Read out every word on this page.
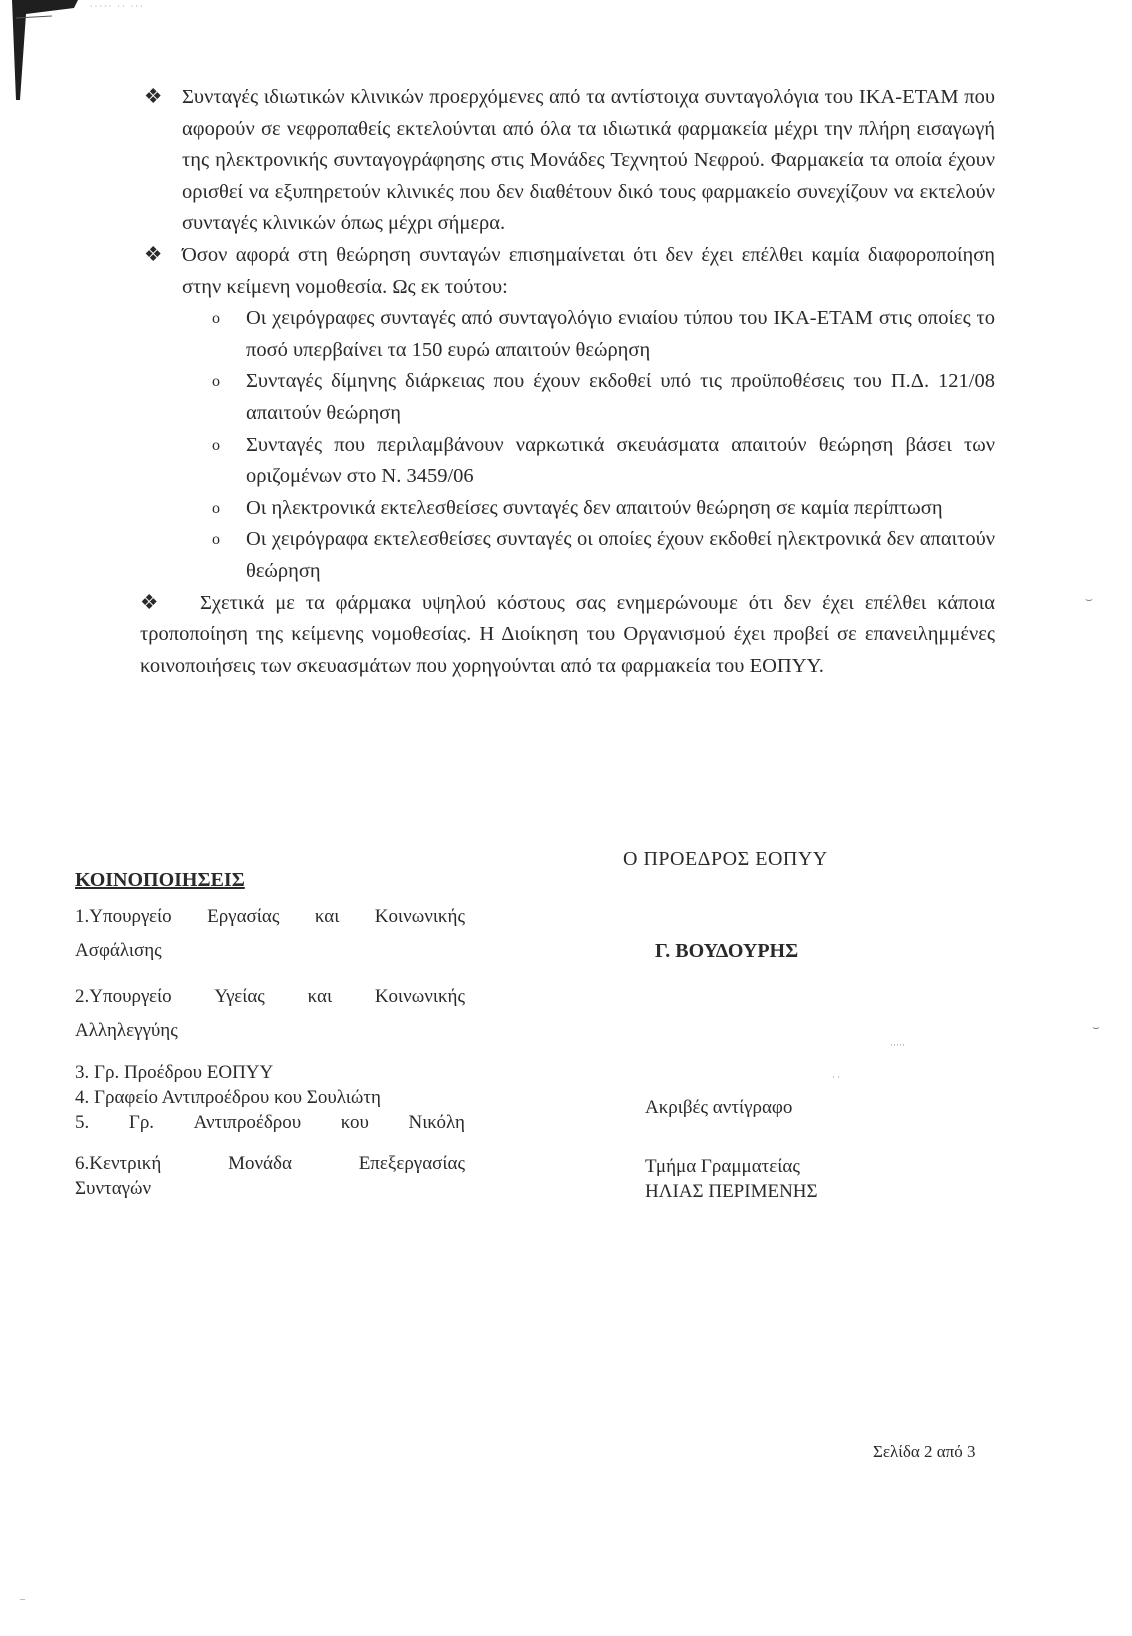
····· ·· ···

❖ Συνταγές ιδιωτικών κλινικών προερχόμενες από τα αντίστοιχα συνταγολόγια του ΙΚΑ-ΕΤΑΜ που αφορούν σε νεφροπαθείς εκτελούνται από όλα τα ιδιωτικά φαρμακεία μέχρι την πλήρη εισαγωγή της ηλεκτρονικής συνταγογράφησης στις Μονάδες Τεχνητού Νεφρού. Φαρμακεία τα οποία έχουν ορισθεί να εξυπηρετούν κλινικές που δεν διαθέτουν δικό τους φαρμακείο συνεχίζουν να εκτελούν συνταγές κλινικών όπως μέχρι σήμερα.

❖ Όσον αφορά στη θεώρηση συνταγών επισημαίνεται ότι δεν έχει επέλθει καμία διαφοροποίηση στην κείμενη νομοθεσία. Ως εκ τούτου:

o Οι χειρόγραφες συνταγές από συνταγολόγιο ενιαίου τύπου του ΙΚΑ-ΕΤΑΜ στις οποίες το ποσό υπερβαίνει τα 150 ευρώ απαιτούν θεώρηση
o Συνταγές δίμηνης διάρκειας που έχουν εκδοθεί υπό τις προϋποθέσεις του Π.Δ. 121/08 απαιτούν θεώρηση
o Συνταγές που περιλαμβάνουν ναρκωτικά σκευάσματα απαιτούν θεώρηση βάσει των οριζομένων στο Ν. 3459/06
o Οι ηλεκτρονικά εκτελεσθείσες συνταγές δεν απαιτούν θεώρηση σε καμία περίπτωση
o Οι χειρόγραφα εκτελεσθείσες συνταγές οι οποίες έχουν εκδοθεί ηλεκτρονικά δεν απαιτούν θεώρηση

❖ Σχετικά με τα φάρμακα υψηλού κόστους σας ενημερώνουμε ότι δεν έχει επέλθει κάποια τροποποίηση της κείμενης νομοθεσίας. Η Διοίκηση του Οργανισμού έχει προβεί σε επανειλημμένες κοινοποιήσεις των σκευασμάτων που χορηγούνται από τα φαρμακεία του ΕΟΠΥΥ.

ΚΟΙΝΟΠΟΙΗΣΕΙΣ
1.Υπουργείο Εργασίας και Κοινωνικής
Ασφάλισης
2.Υπουργείο Υγείας και Κοινωνικής
Αλληλεγγύης
3. Γρ. Προέδρου ΕΟΠΥΥ
4. Γραφείο Αντιπροέδρου κου Σουλιώτη
5. Γρ. Αντιπροέδρου κου Νικόλη
6.Κεντρική	Μονάδα	Επεξεργασίας
Συνταγών
Ο ΠΡΟΕΔΡΟΣ ΕΟΠΥΥ
Γ. ΒΟΥΔΟΥΡΗΣ
Ακριβές αντίγραφο
Τμήμα Γραμματείας
ΗΛΙΑΣ ΠΕΡΙΜΕΝΗΣ
Σελίδα 2 από 3
⌣
⌣
·····
· ·
_
